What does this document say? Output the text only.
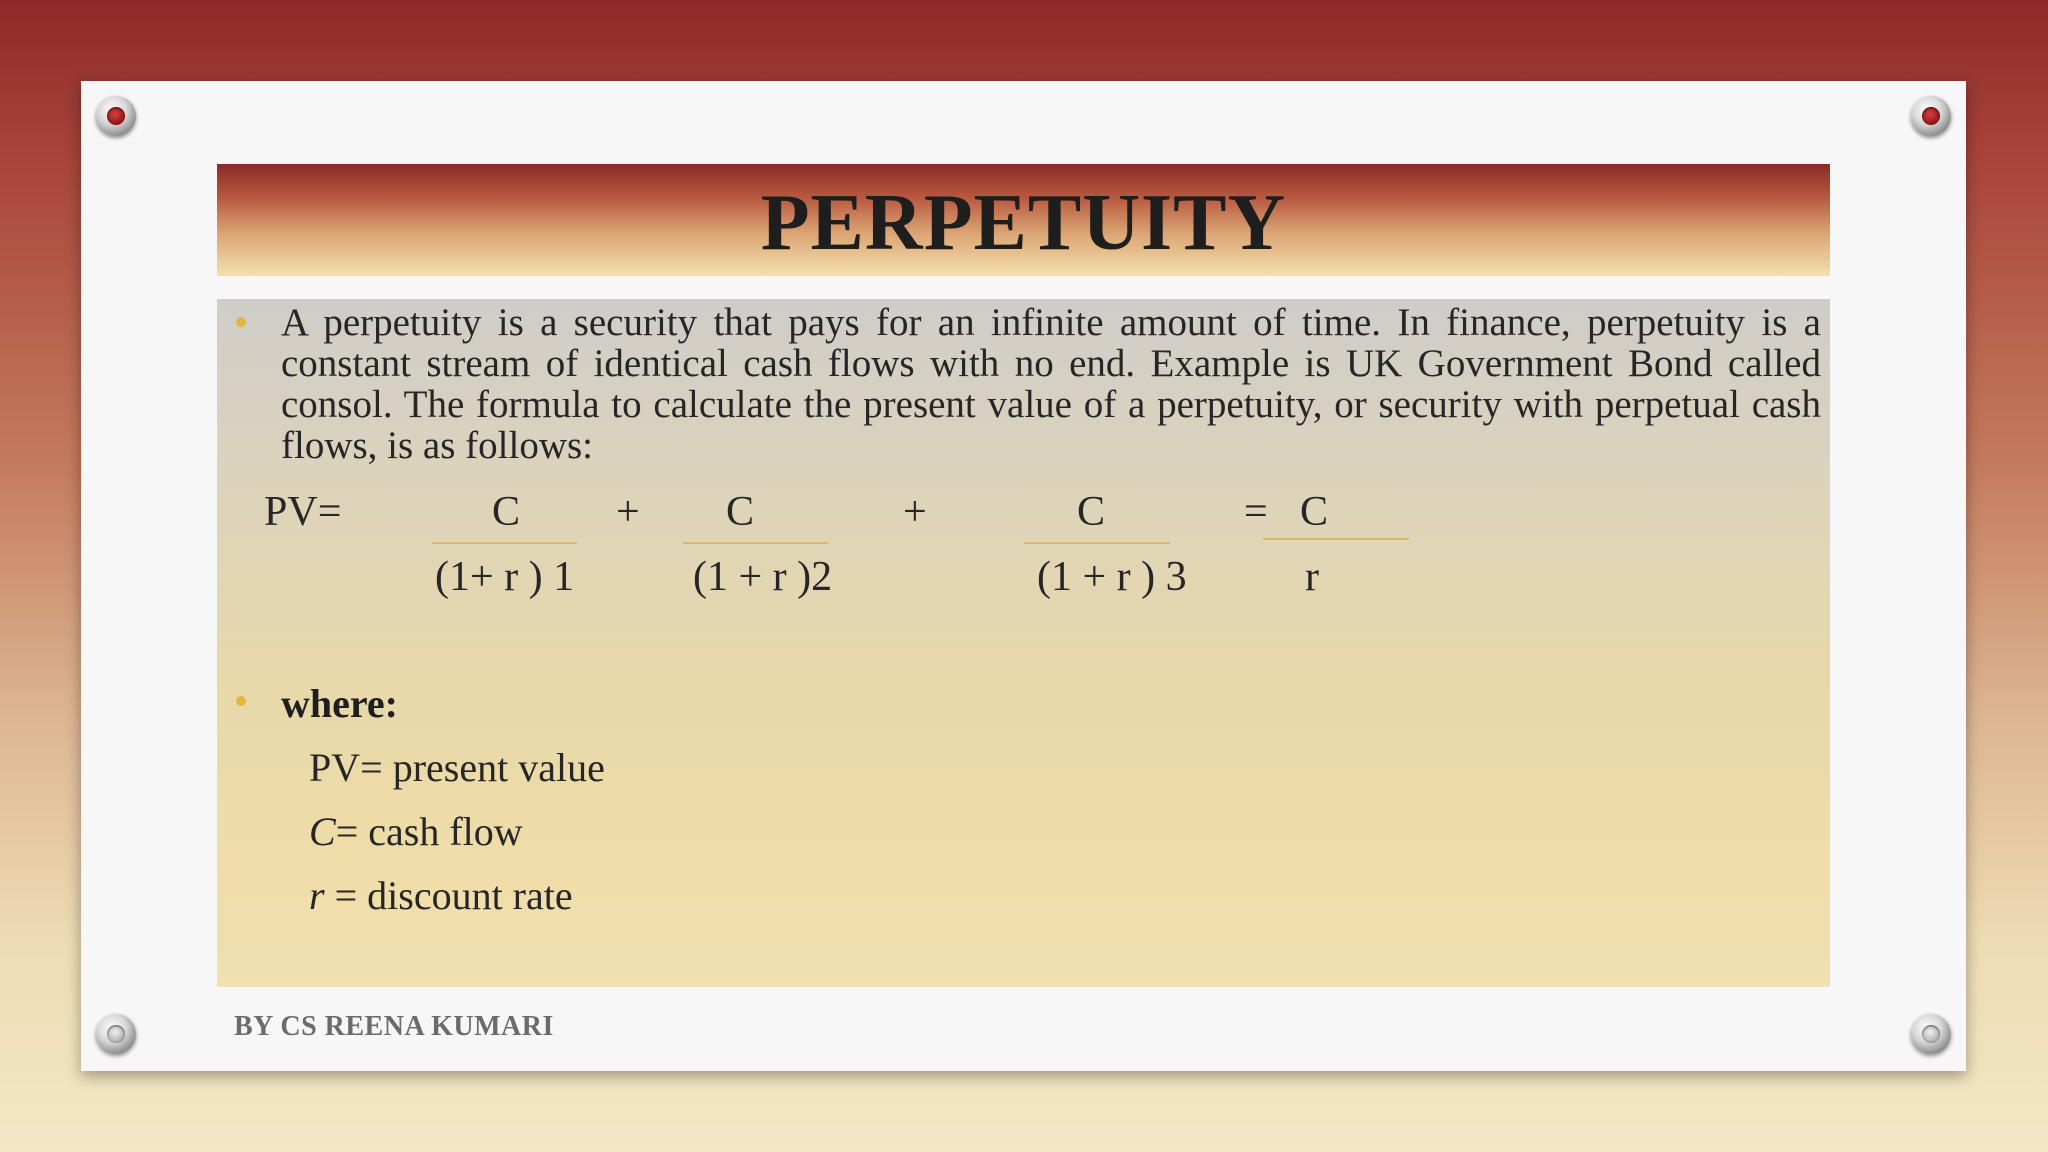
PERPETUITY
A perpetuity is a security that pays for an infinite amount of time. In finance, perpetuity is a constant stream of identical cash flows with no end. Example is UK Government Bond called consol. The formula to calculate the present value of a perpetuity, or security with perpetual cash flows, is as follows:
PV=	C
(1+ r ) 1
+ C
(1 + r )2
+	C
(1 + r ) 3
= C
r
where:
PV= present value
C= cash flow
r = discount rate
BY CS REENA KUMARI
